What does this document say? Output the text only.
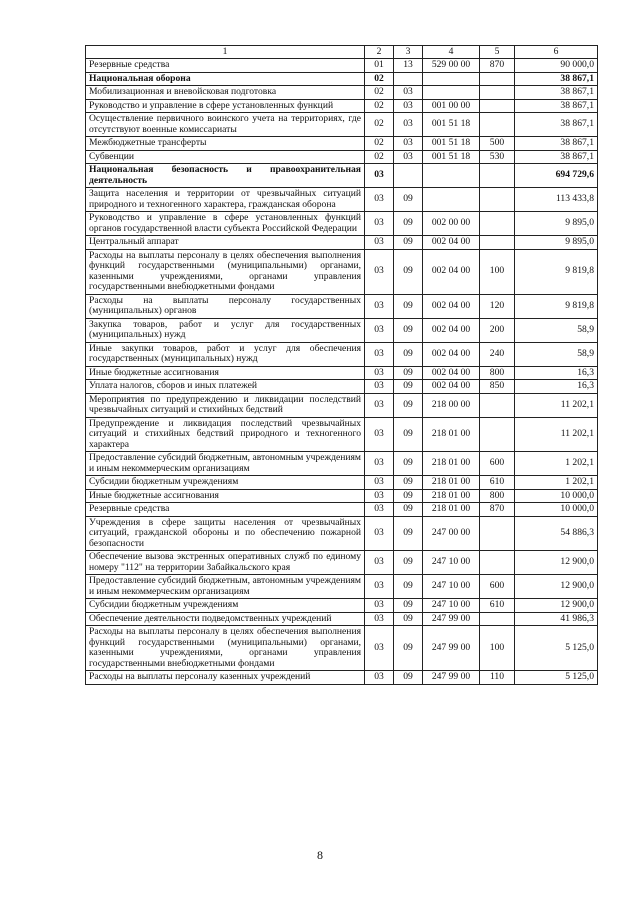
1	2	3	4	5	6
Резервные средства	01	13	529 00 00	870	90 000,0
Национальная оборона	02				38 867,1
Мобилизационная и вневойсковая подготовка	02	03			38 867,1
Руководство и управление в сфере установленных функций	02	03	001 00 00		38 867,1
Осуществление первичного воинского учета на территориях, где отсутствуют военные комиссариаты	02	03	001 51 18		38 867,1
Межбюджетные трансферты	02	03	001 51 18	500	38 867,1
Субвенции	02	03	001 51 18	530	38 867,1
Национальная безопасность и правоохранительная деятельность	03				694 729,6
Защита населения и территории от чрезвычайных ситуаций природного и техногенного характера, гражданская оборона	03	09			113 433,8
Руководство и управление в сфере установленных функций органов государственной власти субъекта Российской Федерации	03	09	002 00 00		9 895,0
Центральный аппарат	03	09	002 04 00		9 895,0
Расходы на выплаты персоналу в целях обеспечения выполнения функций государственными (муниципальными) органами, казенными учреждениями, органами управления государственными внебюджетными фондами	03	09	002 04 00	100	9 819,8
Расходы на выплаты персоналу государственных (муниципальных) органов	03	09	002 04 00	120	9 819,8
Закупка товаров, работ и услуг для государственных (муниципальных) нужд	03	09	002 04 00	200	58,9
Иные закупки товаров, работ и услуг для обеспечения государственных (муниципальных) нужд	03	09	002 04 00	240	58,9
Иные бюджетные ассигнования	03	09	002 04 00	800	16,3
Уплата налогов, сборов и иных платежей	03	09	002 04 00	850	16,3
Мероприятия по предупреждению и ликвидации последствий чрезвычайных ситуаций и стихийных бедствий	03	09	218 00 00		11 202,1
Предупреждение и ликвидация последствий чрезвычайных ситуаций и стихийных бедствий природного и техногенного характера	03	09	218 01 00		11 202,1
Предоставление субсидий бюджетным, автономным учреждениям и иным некоммерческим организациям	03	09	218 01 00	600	1 202,1
Субсидии бюджетным учреждениям	03	09	218 01 00	610	1 202,1
Иные бюджетные ассигнования	03	09	218 01 00	800	10 000,0
Резервные средства	03	09	218 01 00	870	10 000,0
Учреждения в сфере защиты населения от чрезвычайных ситуаций, гражданской обороны и по обеспечению пожарной безопасности	03	09	247 00 00		54 886,3
Обеспечение вызова экстренных оперативных служб по единому номеру "112" на территории Забайкальского края	03	09	247 10 00		12 900,0
Предоставление субсидий бюджетным, автономным учреждениям и иным некоммерческим организациям	03	09	247 10 00	600	12 900,0
Субсидии бюджетным учреждениям	03	09	247 10 00	610	12 900,0
Обеспечение деятельности подведомственных учреждений	03	09	247 99 00		41 986,3
Расходы на выплаты персоналу в целях обеспечения выполнения функций государственными (муниципальными) органами, казенными учреждениями, органами управления государственными внебюджетными фондами	03	09	247 99 00	100	5 125,0
Расходы на выплаты персоналу казенных учреждений	03	09	247 99 00	110	5 125,0
8
